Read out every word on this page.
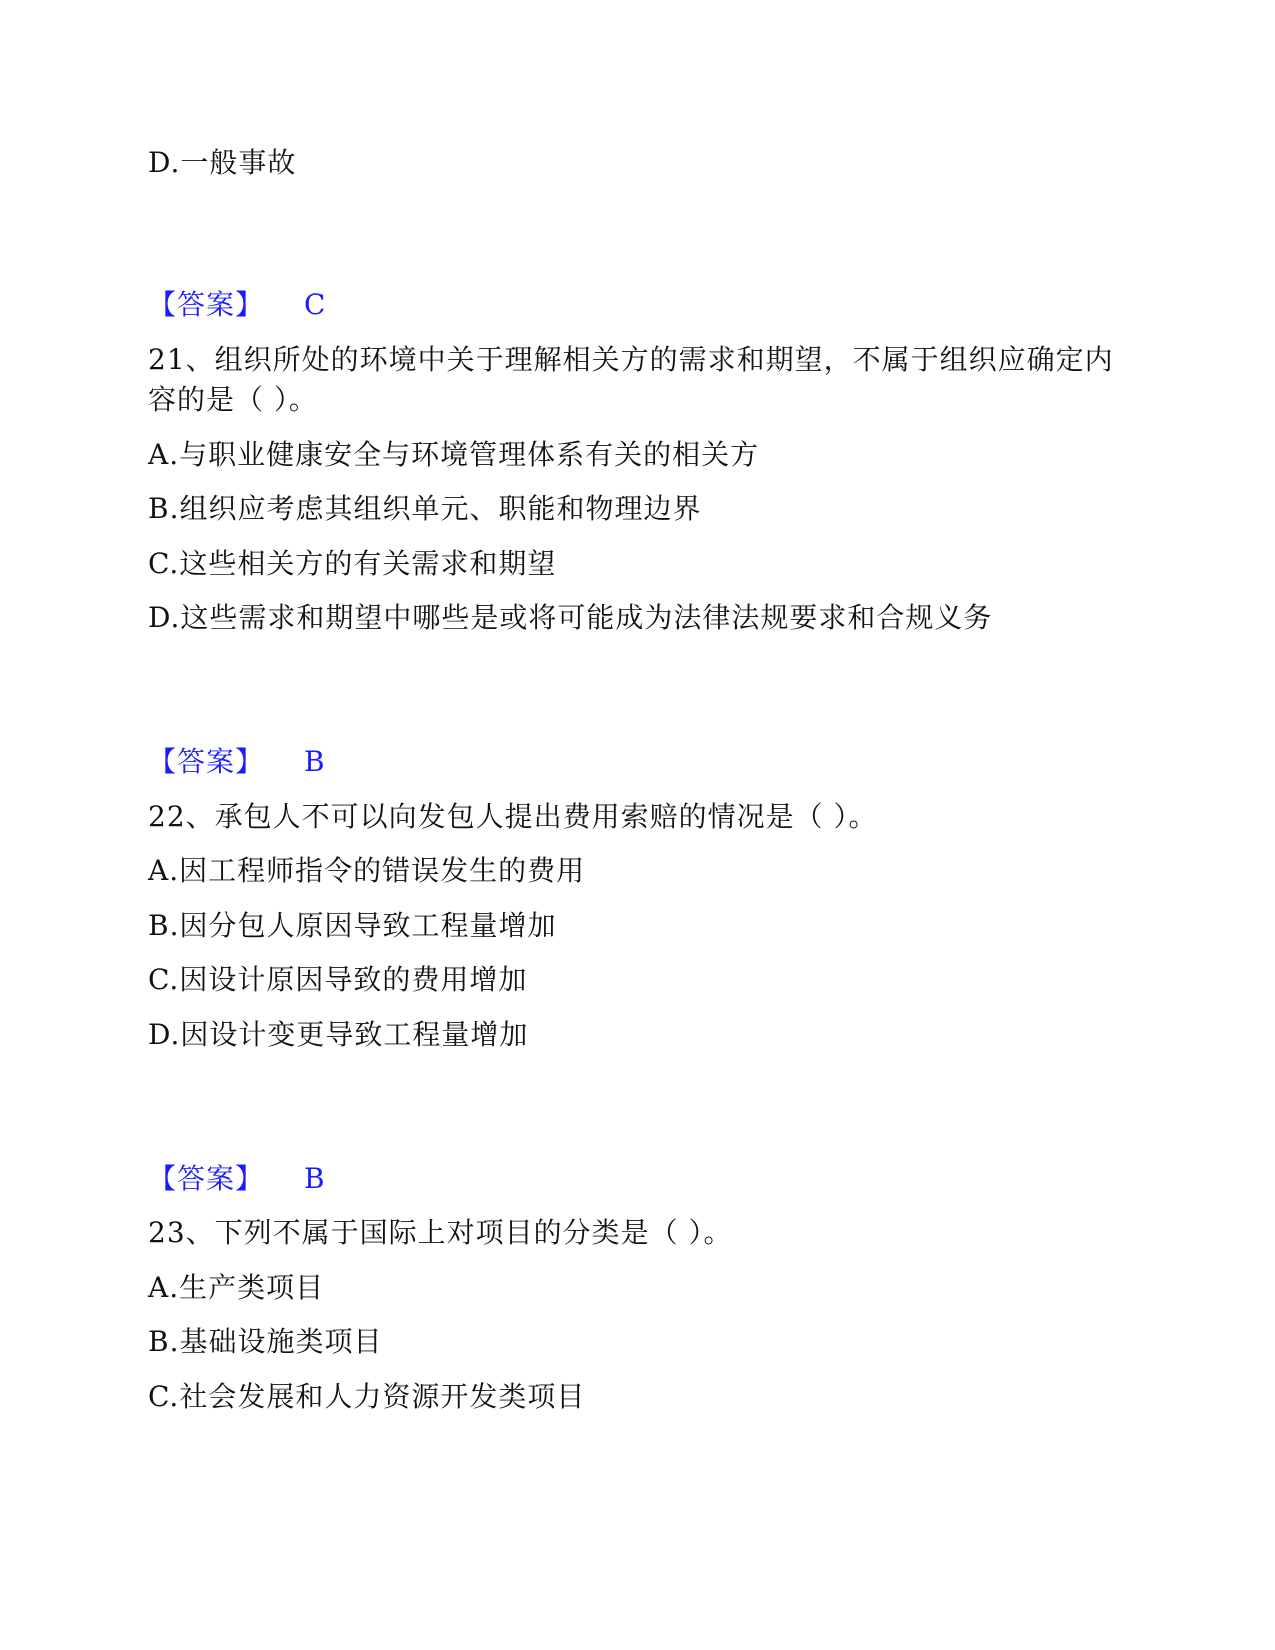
D.一般事故
【答案】 C
21、组织所处的环境中关于理解相关方的需求和期望，不属于组织应确定内
容的是（ ）。
A.与职业健康安全与环境管理体系有关的相关方
B.组织应考虑其组织单元、职能和物理边界
C.这些相关方的有关需求和期望
D.这些需求和期望中哪些是或将可能成为法律法规要求和合规义务
【答案】 B
22、承包人不可以向发包人提出费用索赔的情况是（ ）。
A.因工程师指令的错误发生的费用
B.因分包人原因导致工程量增加
C.因设计原因导致的费用增加
D.因设计变更导致工程量增加
【答案】 B
23、下列不属于国际上对项目的分类是（ ）。
A.生产类项目
B.基础设施类项目
C.社会发展和人力资源开发类项目
